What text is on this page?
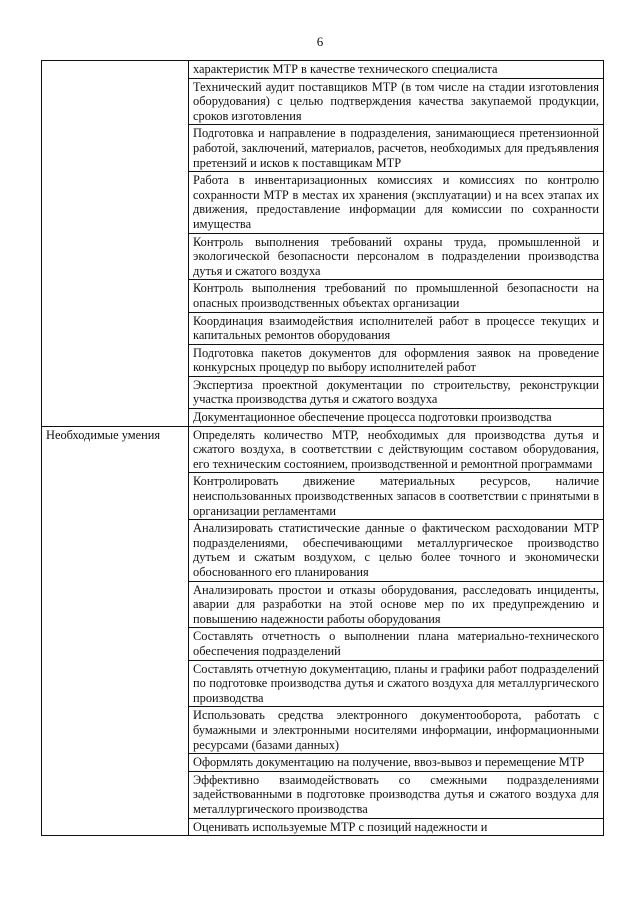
6
	характеристик МТР в качестве технического специалиста
	Технический аудит поставщиков МТР (в том числе на стадии изготовления оборудования) с целью подтверждения качества закупаемой продукции, сроков изготовления
	Подготовка и направление в подразделения, занимающиеся претензионной работой, заключений, материалов, расчетов, необходимых для предъявления претензий и исков к поставщикам МТР
	Работа в инвентаризационных комиссиях и комиссиях по контролю сохранности МТР в местах их хранения (эксплуатации) и на всех этапах их движения, предоставление информации для комиссии по сохранности имущества
	Контроль выполнения требований охраны труда, промышленной и экологической безопасности персоналом в подразделении производства дутья и сжатого воздуха
	Контроль выполнения требований по промышленной безопасности на опасных производственных объектах организации
	Координация взаимодействия исполнителей работ в процессе текущих и капитальных ремонтов оборудования
	Подготовка пакетов документов для оформления заявок на проведение конкурсных процедур по выбору исполнителей работ
	Экспертиза проектной документации по строительству, реконструкции участка производства дутья и сжатого воздуха
	Документационное обеспечение процесса подготовки производства
Необходимые умения	Определять количество МТР, необходимых для производства дутья и сжатого воздуха, в соответствии с действующим составом оборудования, его техническим состоянием, производственной и ремонтной программами
	Контролировать движение материальных ресурсов, наличие неиспользованных производственных запасов в соответствии с принятыми в организации регламентами
	Анализировать статистические данные о фактическом расходовании МТР подразделениями, обеспечивающими металлургическое производство дутьем и сжатым воздухом, с целью более точного и экономически обоснованного его планирования
	Анализировать простои и отказы оборудования, расследовать инциденты, аварии для разработки на этой основе мер по их предупреждению и повышению надежности работы оборудования
	Составлять отчетность о выполнении плана материально-технического обеспечения подразделений
	Составлять отчетную документацию, планы и графики работ подразделений по подготовке производства дутья и сжатого воздуха для металлургического производства
	Использовать средства электронного документооборота, работать с бумажными и электронными носителями информации, информационными ресурсами (базами данных)
	Оформлять документацию на получение, ввоз-вывоз и перемещение МТР
	Эффективно взаимодействовать со смежными подразделениями задействованными в подготовке производства дутья и сжатого воздуха для металлургического производства
	Оценивать используемые МТР с позиций надежности и
